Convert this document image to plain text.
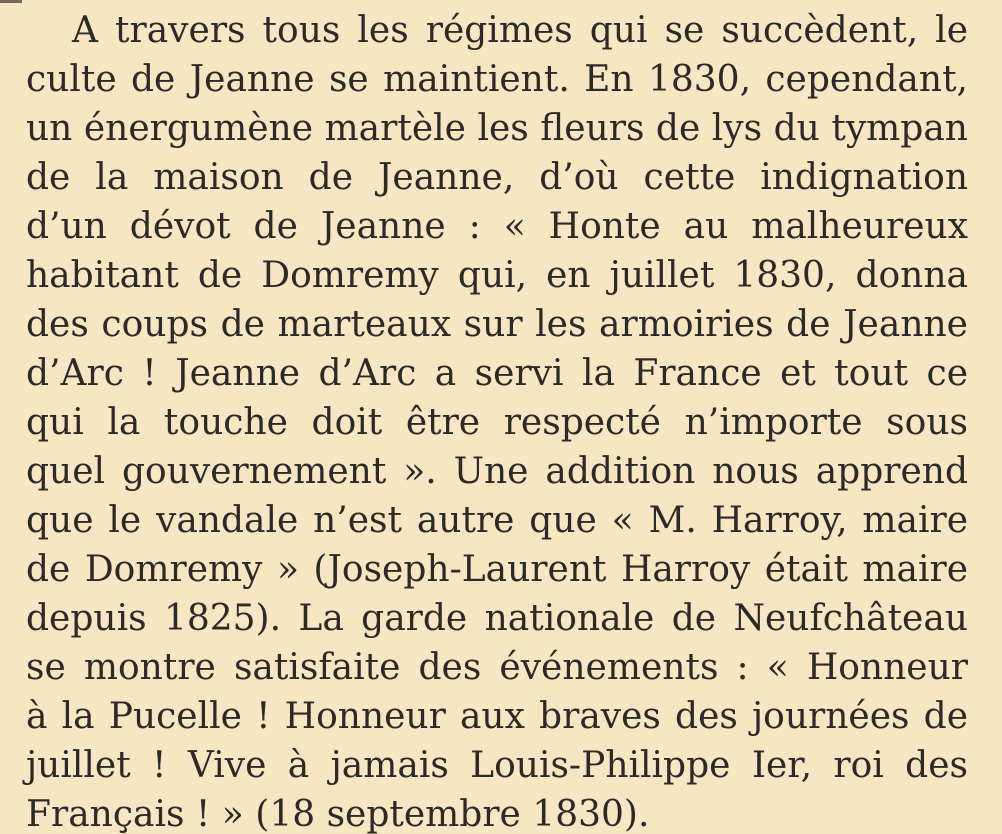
A travers tous les régimes qui se succèdent, le
culte de Jeanne se maintient. En 1830, cependant,
un énergumène martèle les fleurs de lys du tympan
de la maison de Jeanne, d’où cette indignation
d’un dévot de Jeanne : « Honte au malheureux
habitant de Domremy qui, en juillet 1830, donna
des coups de marteaux sur les armoiries de Jeanne
d’Arc ! Jeanne d’Arc a servi la France et tout ce
qui la touche doit être respecté n’importe sous
quel gouvernement ». Une addition nous apprend
que le vandale n’est autre que « M. Harroy, maire
de Domremy » (Joseph-Laurent Harroy était maire
depuis 1825). La garde nationale de Neufchâteau
se montre satisfaite des événements : « Honneur
à la Pucelle ! Honneur aux braves des journées de
juillet ! Vive à jamais Louis-Philippe Ier, roi des
Français ! » (18 septembre 1830).
